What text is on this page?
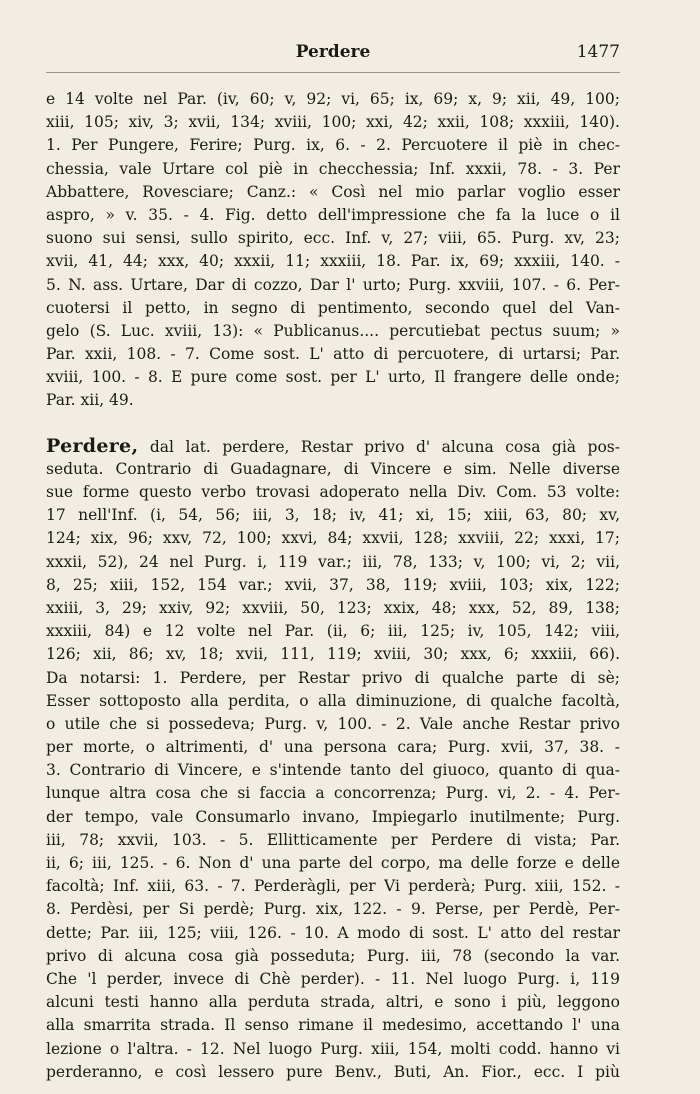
Perdere	1477
e 14 volte nel Par. (iv, 60; v, 92; vi, 65; ix, 69; x, 9; xii, 49, 100;
xiii, 105; xiv, 3; xvii, 134; xviii, 100; xxi, 42; xxii, 108; xxxiii, 140).
1. Per Pungere, Ferire; Purg. ix, 6. - 2. Percuotere il piè in chec-
chessia, vale Urtare col piè in checchessia; Inf. xxxii, 78. - 3. Per
Abbattere, Rovesciare; Canz.: « Così nel mio parlar voglio esser
aspro, » v. 35. - 4. Fig. detto dell'impressione che fa la luce o il
suono sui sensi, sullo spirito, ecc. Inf. v, 27; viii, 65. Purg. xv, 23;
xvii, 41, 44; xxx, 40; xxxii, 11; xxxiii, 18. Par. ix, 69; xxxiii, 140. -
5. N. ass. Urtare, Dar di cozzo, Dar l' urto; Purg. xxviii, 107. - 6. Per-
cuotersi il petto, in segno di pentimento, secondo quel del Van-
gelo (S. Luc. xviii, 13): « Publicanus.... percutiebat pectus suum; »
Par. xxii, 108. - 7. Come sost. L' atto di percuotere, di urtarsi; Par.
xviii, 100. - 8. E pure come sost. per L' urto, Il frangere delle onde;
Par. xii, 49.
Perdere, dal lat. perdere, Restar privo d' alcuna cosa già pos-
seduta. Contrario di Guadagnare, di Vincere e sim. Nelle diverse
sue forme questo verbo trovasi adoperato nella Div. Com. 53 volte:
17 nell'Inf. (i, 54, 56; iii, 3, 18; iv, 41; xi, 15; xiii, 63, 80; xv,
124; xix, 96; xxv, 72, 100; xxvi, 84; xxvii, 128; xxviii, 22; xxxi, 17;
xxxii, 52), 24 nel Purg. i, 119 var.; iii, 78, 133; v, 100; vi, 2; vii,
8, 25; xiii, 152, 154 var.; xvii, 37, 38, 119; xviii, 103; xix, 122;
xxiii, 3, 29; xxiv, 92; xxviii, 50, 123; xxix, 48; xxx, 52, 89, 138;
xxxiii, 84) e 12 volte nel Par. (ii, 6; iii, 125; iv, 105, 142; viii,
126; xii, 86; xv, 18; xvii, 111, 119; xviii, 30; xxx, 6; xxxiii, 66).
Da notarsi: 1. Perdere, per Restar privo di qualche parte di sè;
Esser sottoposto alla perdita, o alla diminuzione, di qualche facoltà,
o utile che si possedeva; Purg. v, 100. - 2. Vale anche Restar privo
per morte, o altrimenti, d' una persona cara; Purg. xvii, 37, 38. -
3. Contrario di Vincere, e s'intende tanto del giuoco, quanto di qua-
lunque altra cosa che si faccia a concorrenza; Purg. vi, 2. - 4. Per-
der tempo, vale Consumarlo invano, Impiegarlo inutilmente; Purg.
iii, 78; xxvii, 103. - 5. Ellitticamente per Perdere di vista; Par.
ii, 6; iii, 125. - 6. Non d' una parte del corpo, ma delle forze e delle
facoltà; Inf. xiii, 63. - 7. Perderàgli, per Vi perderà; Purg. xiii, 152. -
8. Perdèsi, per Si perdè; Purg. xix, 122. - 9. Perse, per Perdè, Per-
dette; Par. iii, 125; viii, 126. - 10. A modo di sost. L' atto del restar
privo di alcuna cosa già posseduta; Purg. iii, 78 (secondo la var.
Che 'l perder, invece di Chè perder). - 11. Nel luogo Purg. i, 119
alcuni testi hanno alla perduta strada, altri, e sono i più, leggono
alla smarrita strada. Il senso rimane il medesimo, accettando l' una
lezione o l'altra. - 12. Nel luogo Purg. xiii, 154, molti codd. hanno vi
perderanno, e così lessero pure Benv., Buti, An. Fior., ecc. I più
